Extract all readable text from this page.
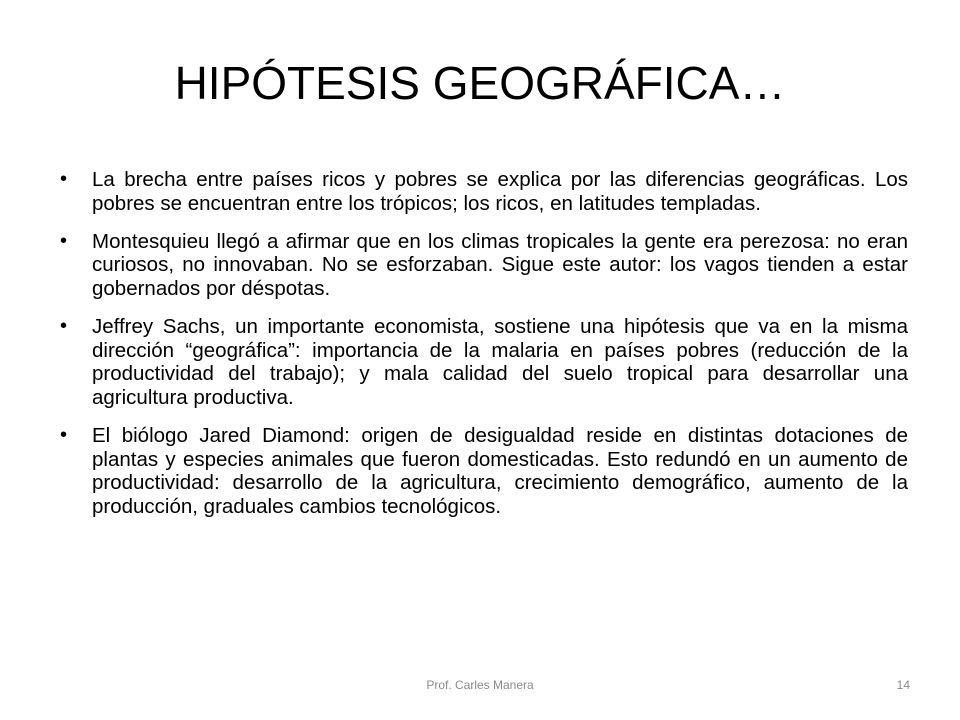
HIPÓTESIS GEOGRÁFICA…
• La brecha entre países ricos y pobres se explica por las diferencias geográficas. Los pobres se encuentran entre los trópicos; los ricos, en latitudes templadas.
• Montesquieu llegó a afirmar que en los climas tropicales la gente era perezosa: no eran curiosos, no innovaban. No se esforzaban. Sigue este autor: los vagos tienden a estar gobernados por déspotas.
• Jeffrey Sachs, un importante economista, sostiene una hipótesis que va en la misma dirección “geográfica”: importancia de la malaria en países pobres (reducción de la productividad del trabajo); y mala calidad del suelo tropical para desarrollar una agricultura productiva.
• El biólogo Jared Diamond: origen de desigualdad reside en distintas dotaciones de plantas y especies animales que fueron domesticadas. Esto redundó en un aumento de productividad: desarrollo de la agricultura, crecimiento demográfico, aumento de la producción, graduales cambios tecnológicos.
Prof. Carles Manera	14
